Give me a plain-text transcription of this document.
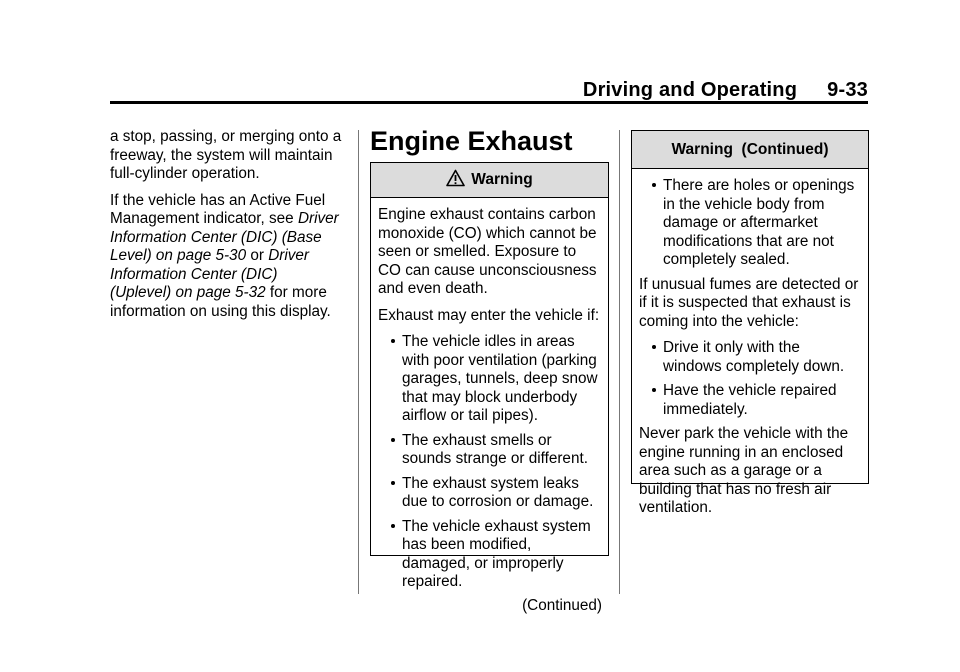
Driving and Operating 9-33

a stop, passing, or merging onto a freeway, the system will maintain full-cylinder operation.

If the vehicle has an Active Fuel Management indicator, see Driver Information Center (DIC) (Base Level) on page 5-30 or Driver Information Center (DIC) (Uplevel) on page 5-32 for more information on using this display.

Engine Exhaust
Warning

Engine exhaust contains carbon monoxide (CO) which cannot be seen or smelled. Exposure to CO can cause unconsciousness and even death.

Exhaust may enter the vehicle if:

The vehicle idles in areas with poor ventilation (parking garages, tunnels, deep snow that may block underbody airflow or tail pipes).
The exhaust smells or sounds strange or different.
The exhaust system leaks due to corrosion or damage.
The vehicle exhaust system has been modified, damaged, or improperly repaired.
(Continued)
Warning  (Continued)
There are holes or openings in the vehicle body from damage or aftermarket modifications that are not completely sealed.

If unusual fumes are detected or if it is suspected that exhaust is coming into the vehicle:

Drive it only with the windows completely down.
Have the vehicle repaired immediately.

Never park the vehicle with the engine running in an enclosed area such as a garage or a building that has no fresh air ventilation.
